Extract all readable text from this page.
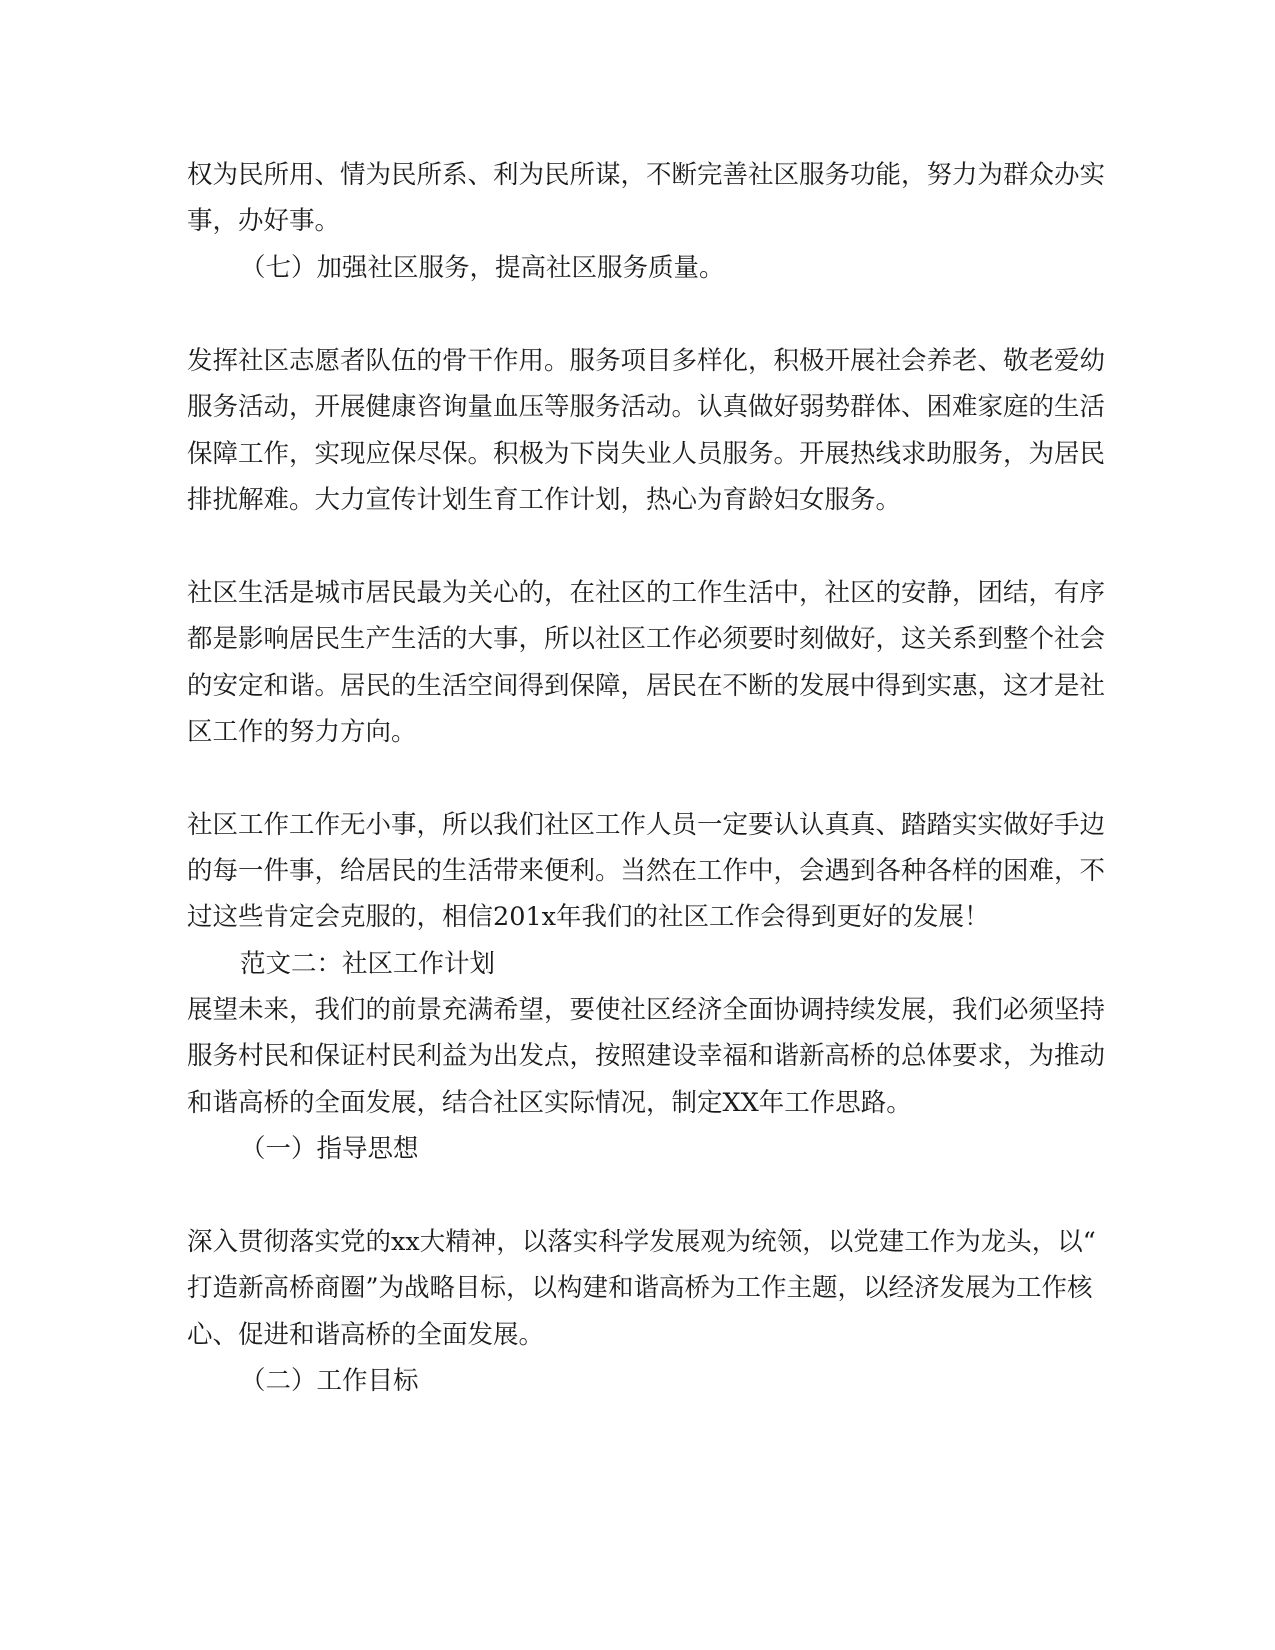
权为民所用、情为民所系、利为民所谋，不断完善社区服务功能，努力为群众办实
事，办好事。
（七）加强社区服务，提高社区服务质量。
发挥社区志愿者队伍的骨干作用。服务项目多样化，积极开展社会养老、敬老爱幼
服务活动，开展健康咨询量血压等服务活动。认真做好弱势群体、困难家庭的生活
保障工作，实现应保尽保。积极为下岗失业人员服务。开展热线求助服务，为居民
排扰解难。大力宣传计划生育工作计划，热心为育龄妇女服务。
社区生活是城市居民最为关心的，在社区的工作生活中，社区的安静，团结，有序
都是影响居民生产生活的大事，所以社区工作必须要时刻做好，这关系到整个社会
的安定和谐。居民的生活空间得到保障，居民在不断的发展中得到实惠，这才是社
区工作的努力方向。
社区工作工作无小事，所以我们社区工作人员一定要认认真真、踏踏实实做好手边
的每一件事，给居民的生活带来便利。当然在工作中，会遇到各种各样的困难，不
过这些肯定会克服的，相信201x年我们的社区工作会得到更好的发展！
范文二：社区工作计划
展望未来，我们的前景充满希望，要使社区经济全面协调持续发展，我们必须坚持
服务村民和保证村民利益为出发点，按照建设幸福和谐新高桥的总体要求，为推动
和谐高桥的全面发展，结合社区实际情况，制定XX年工作思路。
（一）指导思想
深入贯彻落实党的xx大精神，以落实科学发展观为统领，以党建工作为龙头，以“
打造新高桥商圈”为战略目标，以构建和谐高桥为工作主题，以经济发展为工作核
心、促进和谐高桥的全面发展。
（二）工作目标
